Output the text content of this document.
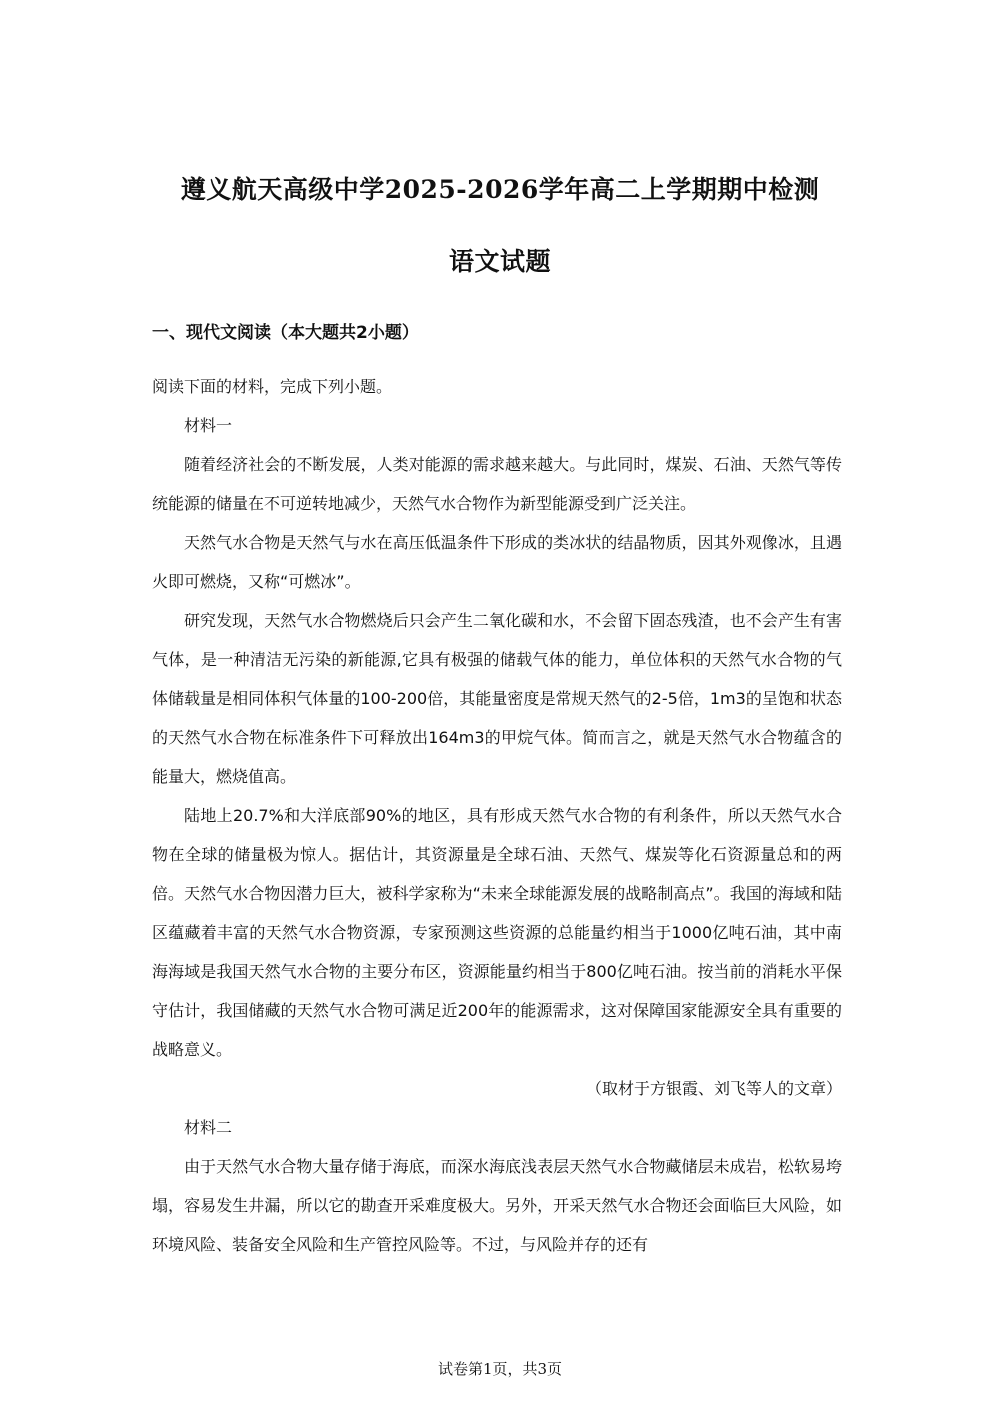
遵义航天高级中学2025-2026学年高二上学期期中检测
语文试题
一、现代文阅读（本大题共2小题）

阅读下面的材料，完成下列小题。

材料一

随着经济社会的不断发展，人类对能源的需求越来越大。与此同时，煤炭、石油、天然气等传统能源的储量在不可逆转地减少，天然气水合物作为新型能源受到广泛关注。

天然气水合物是天然气与水在高压低温条件下形成的类冰状的结晶物质，因其外观像冰，且遇火即可燃烧，又称“可燃冰”。

研究发现，天然气水合物燃烧后只会产生二氧化碳和水，不会留下固态残渣，也不会产生有害气体，是一种清洁无污染的新能源,它具有极强的储载气体的能力，单位体积的天然气水合物的气体储载量是相同体积气体量的100-200倍，其能量密度是常规天然气的2-5倍，1m3的呈饱和状态的天然气水合物在标准条件下可释放出164m3的甲烷气体。简而言之，就是天然气水合物蕴含的能量大，燃烧值高。

陆地上20.7%和大洋底部90%的地区，具有形成天然气水合物的有利条件，所以天然气水合物在全球的储量极为惊人。据估计，其资源量是全球石油、天然气、煤炭等化石资源量总和的两倍。天然气水合物因潜力巨大，被科学家称为“未来全球能源发展的战略制高点”。我国的海域和陆区蕴藏着丰富的天然气水合物资源，专家预测这些资源的总能量约相当于1000亿吨石油，其中南海海域是我国天然气水合物的主要分布区，资源能量约相当于800亿吨石油。按当前的消耗水平保守估计，我国储藏的天然气水合物可满足近200年的能源需求，这对保障国家能源安全具有重要的战略意义。

（取材于方银霞、刘飞等人的文章）

材料二

由于天然气水合物大量存储于海底，而深水海底浅表层天然气水合物藏储层未成岩，松软易垮塌，容易发生井漏，所以它的勘查开采难度极大。另外，开采天然气水合物还会面临巨大风险，如环境风险、装备安全风险和生产管控风险等。不过，与风险并存的还有

试卷第1页，共3页
